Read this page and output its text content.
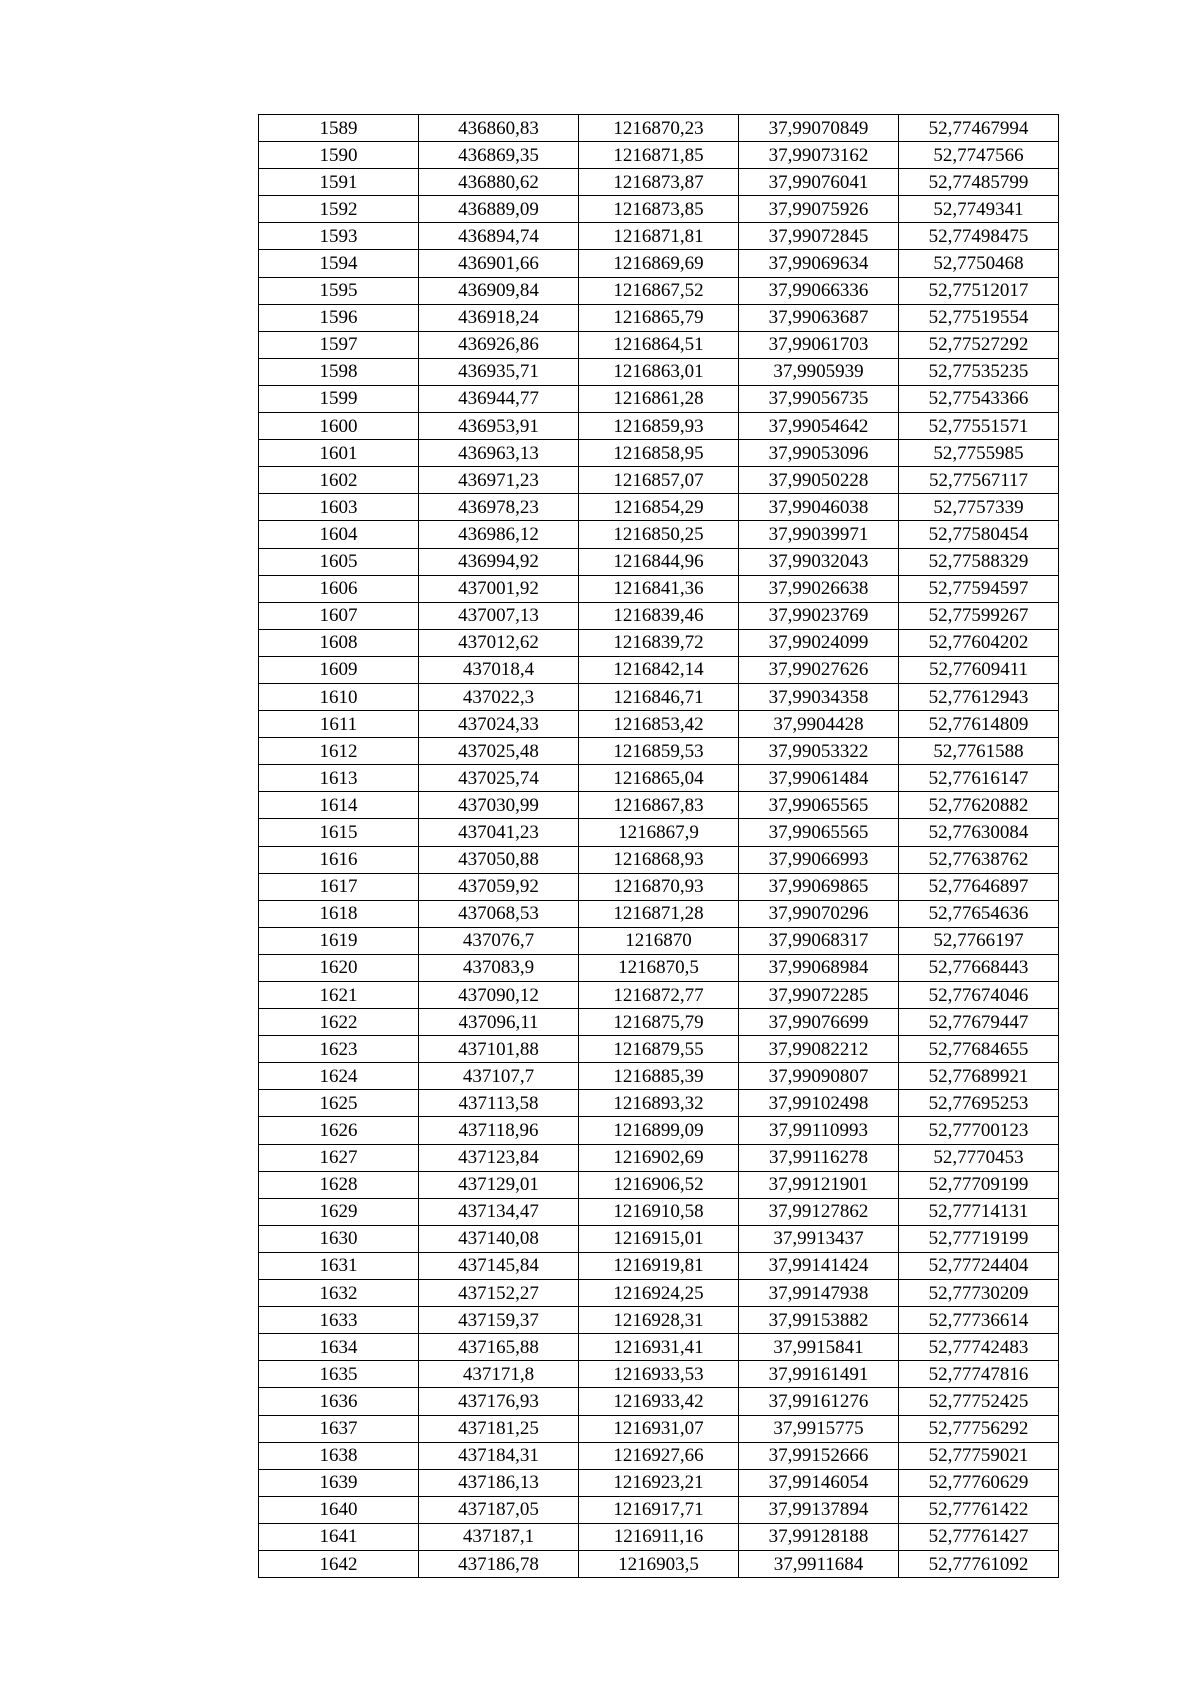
1589	436860,83	1216870,23	37,99070849	52,77467994
1590	436869,35	1216871,85	37,99073162	52,7747566
1591	436880,62	1216873,87	37,99076041	52,77485799
1592	436889,09	1216873,85	37,99075926	52,7749341
1593	436894,74	1216871,81	37,99072845	52,77498475
1594	436901,66	1216869,69	37,99069634	52,7750468
1595	436909,84	1216867,52	37,99066336	52,77512017
1596	436918,24	1216865,79	37,99063687	52,77519554
1597	436926,86	1216864,51	37,99061703	52,77527292
1598	436935,71	1216863,01	37,9905939	52,77535235
1599	436944,77	1216861,28	37,99056735	52,77543366
1600	436953,91	1216859,93	37,99054642	52,77551571
1601	436963,13	1216858,95	37,99053096	52,7755985
1602	436971,23	1216857,07	37,99050228	52,77567117
1603	436978,23	1216854,29	37,99046038	52,7757339
1604	436986,12	1216850,25	37,99039971	52,77580454
1605	436994,92	1216844,96	37,99032043	52,77588329
1606	437001,92	1216841,36	37,99026638	52,77594597
1607	437007,13	1216839,46	37,99023769	52,77599267
1608	437012,62	1216839,72	37,99024099	52,77604202
1609	437018,4	1216842,14	37,99027626	52,77609411
1610	437022,3	1216846,71	37,99034358	52,77612943
1611	437024,33	1216853,42	37,9904428	52,77614809
1612	437025,48	1216859,53	37,99053322	52,7761588
1613	437025,74	1216865,04	37,99061484	52,77616147
1614	437030,99	1216867,83	37,99065565	52,77620882
1615	437041,23	1216867,9	37,99065565	52,77630084
1616	437050,88	1216868,93	37,99066993	52,77638762
1617	437059,92	1216870,93	37,99069865	52,77646897
1618	437068,53	1216871,28	37,99070296	52,77654636
1619	437076,7	1216870	37,99068317	52,7766197
1620	437083,9	1216870,5	37,99068984	52,77668443
1621	437090,12	1216872,77	37,99072285	52,77674046
1622	437096,11	1216875,79	37,99076699	52,77679447
1623	437101,88	1216879,55	37,99082212	52,77684655
1624	437107,7	1216885,39	37,99090807	52,77689921
1625	437113,58	1216893,32	37,99102498	52,77695253
1626	437118,96	1216899,09	37,99110993	52,77700123
1627	437123,84	1216902,69	37,99116278	52,7770453
1628	437129,01	1216906,52	37,99121901	52,77709199
1629	437134,47	1216910,58	37,99127862	52,77714131
1630	437140,08	1216915,01	37,9913437	52,77719199
1631	437145,84	1216919,81	37,99141424	52,77724404
1632	437152,27	1216924,25	37,99147938	52,77730209
1633	437159,37	1216928,31	37,99153882	52,77736614
1634	437165,88	1216931,41	37,9915841	52,77742483
1635	437171,8	1216933,53	37,99161491	52,77747816
1636	437176,93	1216933,42	37,99161276	52,77752425
1637	437181,25	1216931,07	37,9915775	52,77756292
1638	437184,31	1216927,66	37,99152666	52,77759021
1639	437186,13	1216923,21	37,99146054	52,77760629
1640	437187,05	1216917,71	37,99137894	52,77761422
1641	437187,1	1216911,16	37,99128188	52,77761427
1642	437186,78	1216903,5	37,9911684	52,77761092
